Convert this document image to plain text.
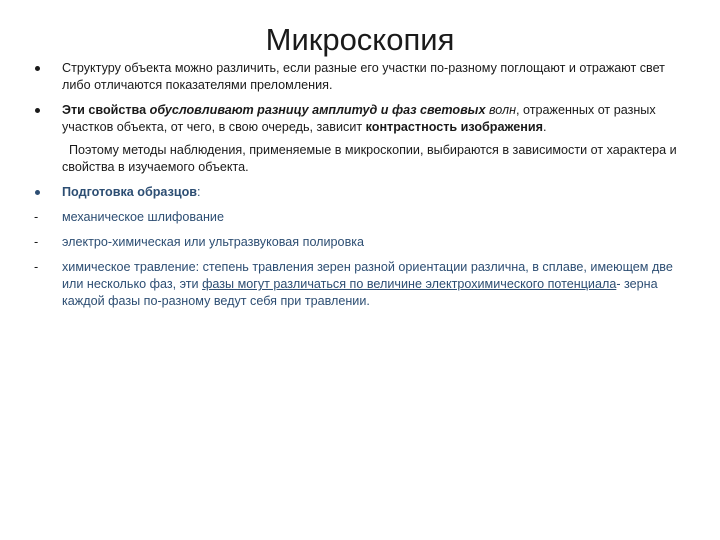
Микроскопия
Структуру объекта можно различить, если разные его участки по-разному поглощают и отражают свет либо отличаются показателями преломления.
Эти свойства обусловливают разницу амплитуд и фаз световых волн, отраженных от разных участков объекта, от чего, в свою очередь, зависит контрастность изображения.
Поэтому методы наблюдения, применяемые в микроскопии, выбираются в зависимости от характера и свойства в изучаемого объекта.
Подготовка образцов:
-	механическое шлифование
-	электро-химическая или ультразвуковая полировка
-	химическое травление: степень травления зерен разной ориентации различна, в сплаве, имеющем две или несколько фаз, эти фазы могут различаться по величине электрохимического потенциала- зерна каждой фазы по-разному ведут себя при травлении.
